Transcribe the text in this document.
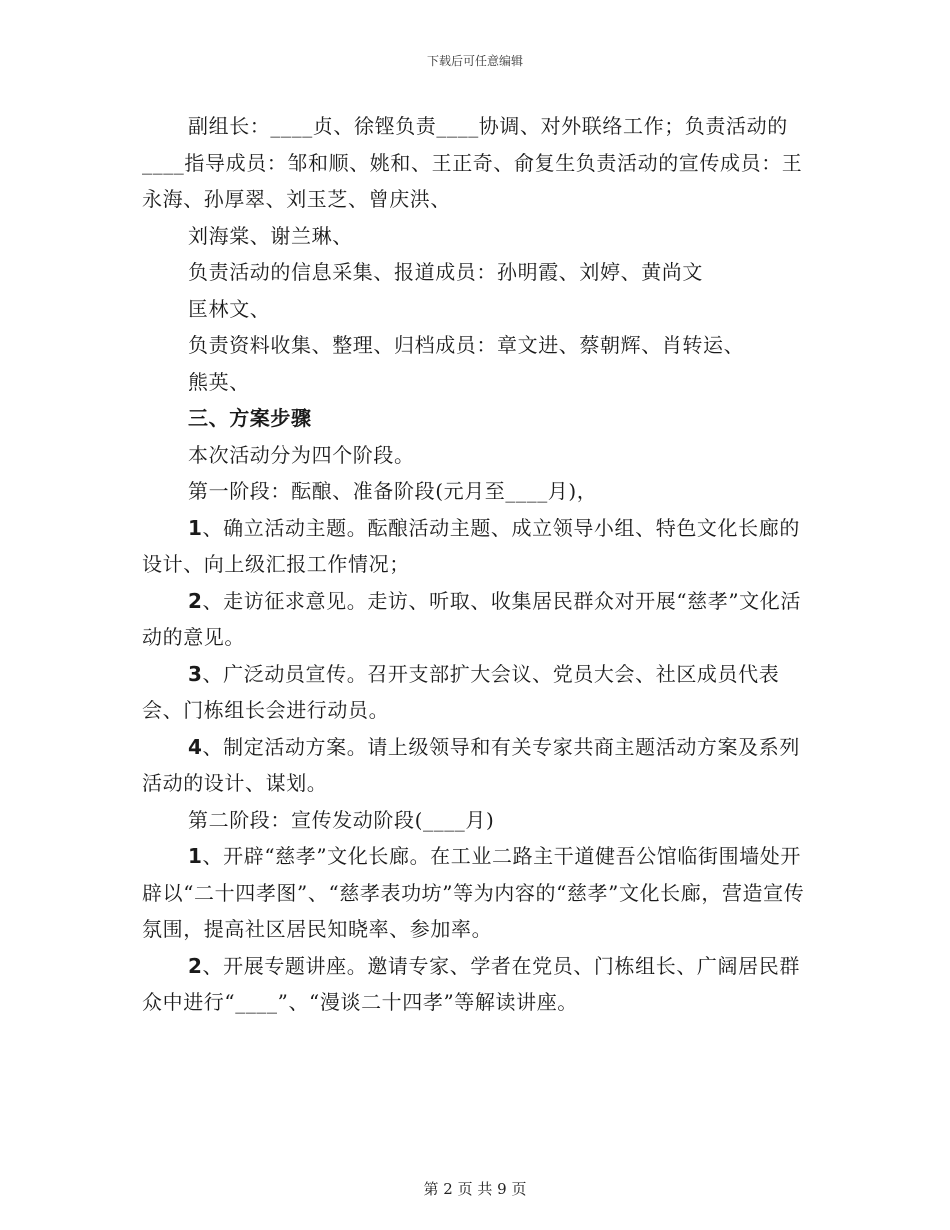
下载后可任意编辑

副组长：____贞、徐铿负责____协调、对外联络工作；负责活动的____指导成员：邹和顺、姚和、王正奇、俞复生负责活动的宣传成员：王永海、孙厚翠、刘玉芝、曾庆洪、

刘海棠、谢兰琳、

负责活动的信息采集、报道成员：孙明霞、刘婷、黄尚文

匡林文、

负责资料收集、整理、归档成员：章文进、蔡朝辉、肖转运、

熊英、

三、方案步骤

本次活动分为四个阶段。

第一阶段：酝酿、准备阶段(元月至____月)，

1、确立活动主题。酝酿活动主题、成立领导小组、特色文化长廊的设计、向上级汇报工作情况；

2、走访征求意见。走访、听取、收集居民群众对开展“慈孝”文化活动的意见。

3、广泛动员宣传。召开支部扩大会议、党员大会、社区成员代表会、门栋组长会进行动员。

4、制定活动方案。请上级领导和有关专家共商主题活动方案及系列活动的设计、谋划。

第二阶段：宣传发动阶段(____月)

1、开辟“慈孝”文化长廊。在工业二路主干道健吾公馆临街围墙处开辟以“二十四孝图”、“慈孝表功坊”等为内容的“慈孝”文化长廊，营造宣传氛围，提高社区居民知晓率、参加率。

2、开展专题讲座。邀请专家、学者在党员、门栋组长、广阔居民群众中进行“____”、“漫谈二十四孝”等解读讲座。

第 2 页 共 9 页
